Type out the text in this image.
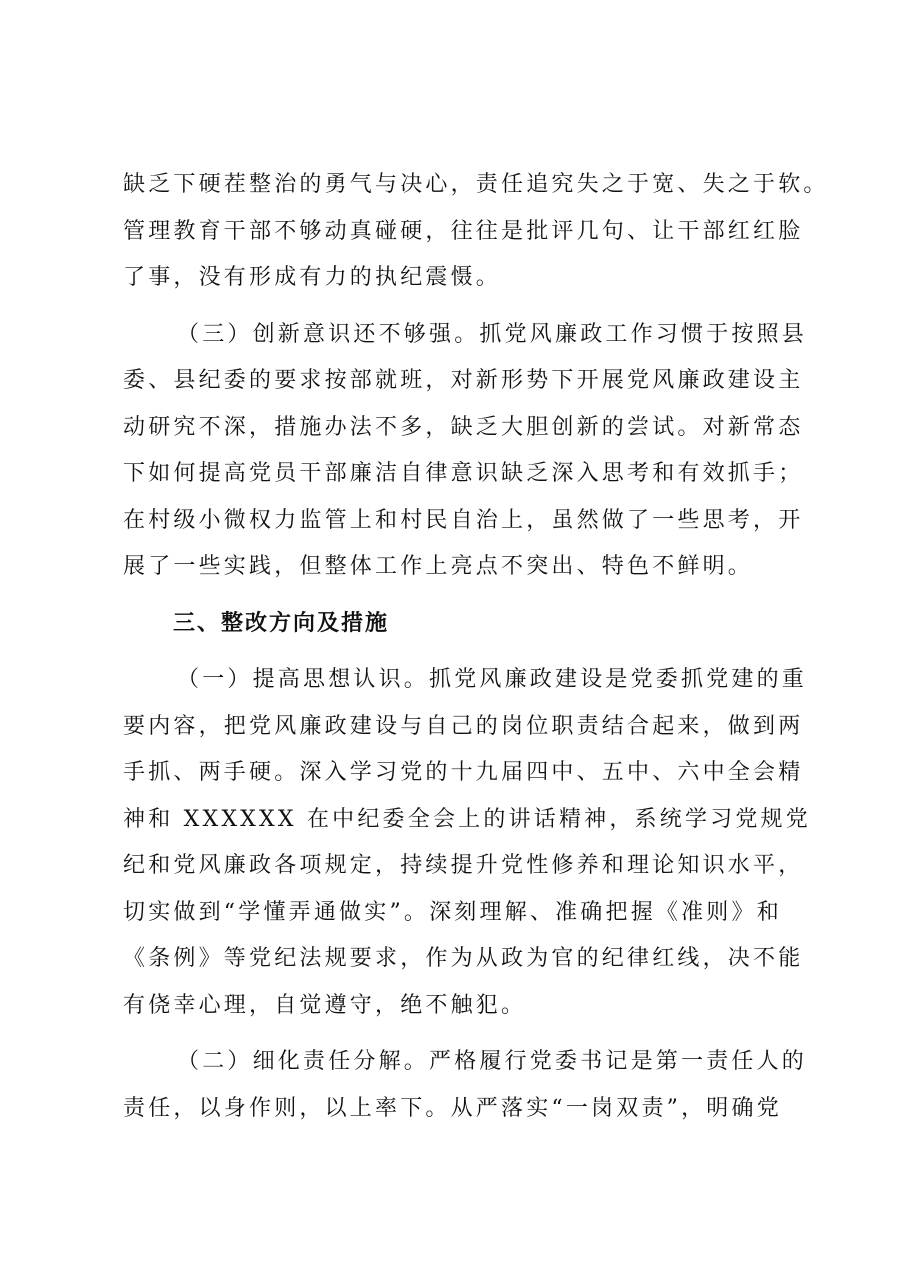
缺乏下硬茬整治的勇气与决心，责任追究失之于宽、失之于软。
管理教育干部不够动真碰硬，往往是批评几句、让干部红红脸
了事，没有形成有力的执纪震慑。
（三）创新意识还不够强。抓党风廉政工作习惯于按照县
委、县纪委的要求按部就班，对新形势下开展党风廉政建设主
动研究不深，措施办法不多，缺乏大胆创新的尝试。对新常态
下如何提高党员干部廉洁自律意识缺乏深入思考和有效抓手；
在村级小微权力监管上和村民自治上，虽然做了一些思考，开
展了一些实践，但整体工作上亮点不突出、特色不鲜明。
三、整改方向及措施
（一）提高思想认识。抓党风廉政建设是党委抓党建的重
要内容，把党风廉政建设与自己的岗位职责结合起来，做到两
手抓、两手硬。深入学习党的十九届四中、五中、六中全会精
神和 XXXXXX 在中纪委全会上的讲话精神，系统学习党规党
纪和党风廉政各项规定，持续提升党性修养和理论知识水平，
切实做到“学懂弄通做实”。深刻理解、准确把握《准则》和
《条例》等党纪法规要求，作为从政为官的纪律红线，决不能
有侥幸心理，自觉遵守，绝不触犯。
（二）细化责任分解。严格履行党委书记是第一责任人的
责任，以身作则，以上率下。从严落实“一岗双责”，明确党
